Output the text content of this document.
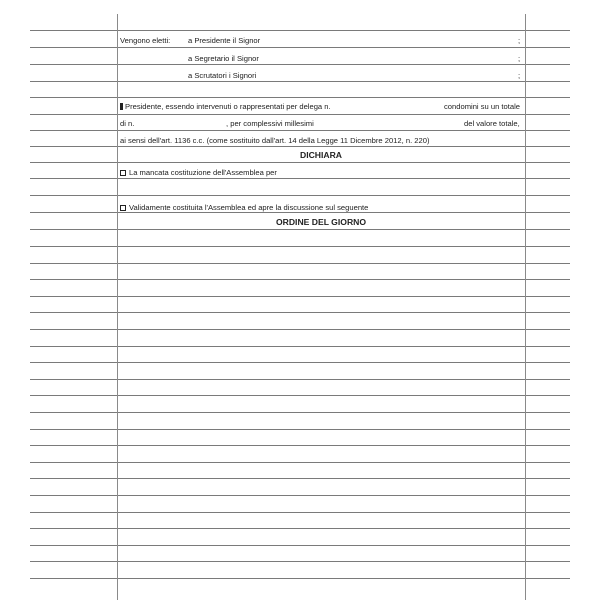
Vengono eletti: a Presidente il Signor	;
a Segretario il Signor	;
a Scrutatori i Signori	;
Presidente, essendo intervenuti o rappresentati per delega n.	condomini su un totale
di n.	, per complessivi millesimi	del valore totale,
ai sensi dell'art. 1136 c.c. (come sostituito dall'art. 14 della Legge 11 Dicembre 2012, n. 220)
DICHIARA
La mancata costituzione dell'Assemblea per
Validamente costituita l'Assemblea ed apre la discussione sul seguente
ORDINE DEL GIORNO
